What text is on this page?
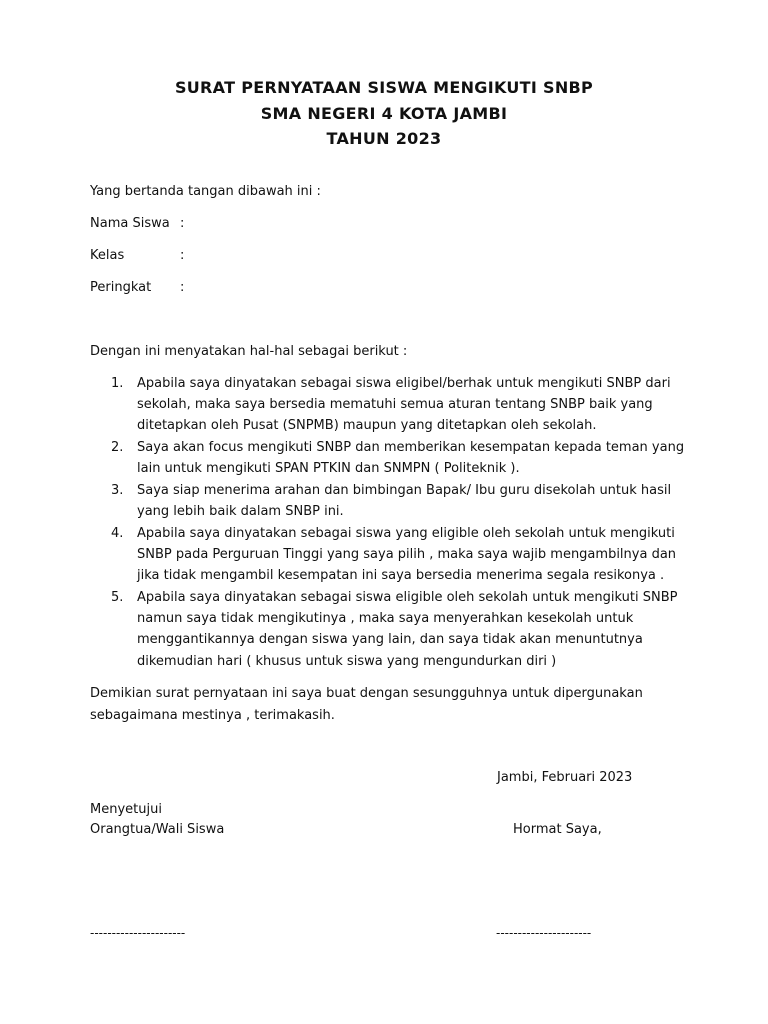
SURAT PERNYATAAN SISWA MENGIKUTI SNBP
SMA NEGERI 4 KOTA JAMBI
TAHUN 2023
Yang bertanda tangan dibawah ini :
Nama Siswa :
Kelas	:
Peringkat :
Dengan ini menyatakan hal-hal sebagai berikut :
1. Apabila saya dinyatakan sebagai siswa eligibel/berhak untuk mengikuti SNBP dari
sekolah, maka saya bersedia mematuhi semua aturan tentang SNBP baik yang
ditetapkan oleh Pusat (SNPMB) maupun yang ditetapkan oleh sekolah.
2. Saya akan focus mengikuti SNBP dan memberikan kesempatan kepada teman yang
lain untuk mengikuti SPAN PTKIN dan SNMPN ( Politeknik ).
3. Saya siap menerima arahan dan bimbingan Bapak/ Ibu guru disekolah untuk hasil
yang lebih baik dalam SNBP ini.
4. Apabila saya dinyatakan sebagai siswa yang eligible oleh sekolah untuk mengikuti
SNBP pada Perguruan Tinggi yang saya pilih , maka saya wajib mengambilnya dan
jika tidak mengambil kesempatan ini saya bersedia menerima segala resikonya .
5. Apabila saya dinyatakan sebagai siswa eligible oleh sekolah untuk mengikuti SNBP
namun saya tidak mengikutinya , maka saya menyerahkan kesekolah untuk
menggantikannya dengan siswa yang lain, dan saya tidak akan menuntutnya
dikemudian hari ( khusus untuk siswa yang mengundurkan diri )
Demikian surat pernyataan ini saya buat dengan sesungguhnya untuk dipergunakan
sebagaimana mestinya , terimakasih.
Jambi, Februari 2023
Menyetujui
Orangtua/Wali Siswa	Hormat Saya,
----------------------	----------------------
